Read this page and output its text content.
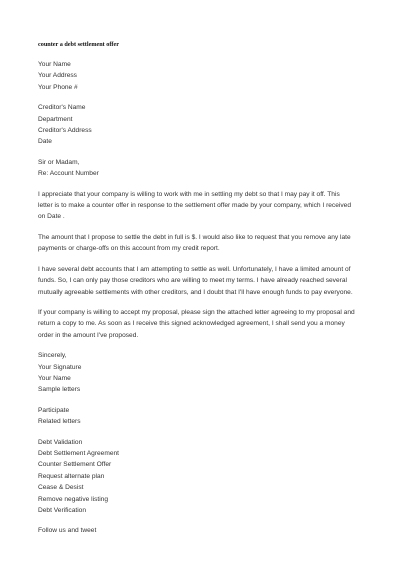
counter a debt settlement offer
Your Name
Your Address
Your Phone #
Creditor's Name
Department
Creditor's Address
Date
Sir or Madam,
Re: Account Number
I appreciate that your company is willing to work with me in settling my debt so that I may pay it off. This
letter is to make a counter offer in response to the settlement offer made by your company, which I received
on Date .
The amount that I propose to settle the debt in full is $. I would also like to request that you remove any late
payments or charge-offs on this account from my credit report.
I have several debt accounts that I am attempting to settle as well. Unfortunately, I have a limited amount of
funds. So, I can only pay those creditors who are willing to meet my terms. I have already reached several
mutually agreeable settlements with other creditors, and I doubt that I'll have enough funds to pay everyone.
If your company is willing to accept my proposal, please sign the attached letter agreeing to my proposal and
return a copy to me. As soon as I receive this signed acknowledged agreement, I shall send you a money
order in the amount I've proposed.
Sincerely,
Your Signature
Your Name
Sample letters
Participate
Related letters
Debt Validation
Debt Settlement Agreement
Counter Settlement Offer
Request alternate plan
Cease & Desist
Remove negative listing
Debt Verification
Follow us and tweet
